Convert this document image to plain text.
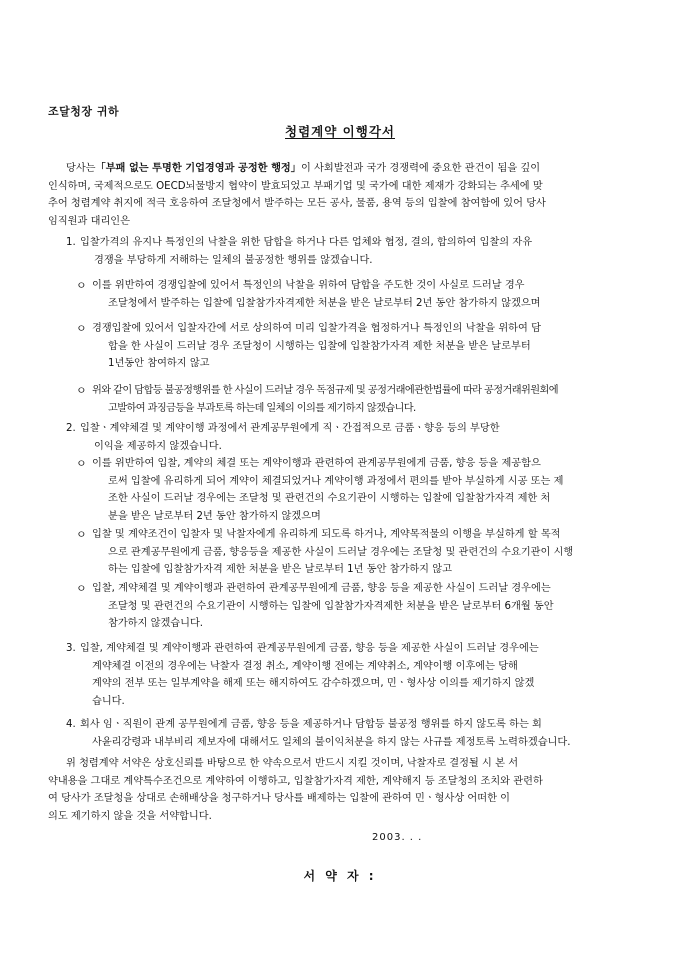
조달청장 귀하
청렴계약 이행각서
당사는「부패 없는 투명한 기업경영과 공정한 행정」이 사회발전과 국가 경쟁력에 중요한 관건이 됨을 깊이
인식하며, 국제적으로도 OECD뇌물방지 협약이 발효되었고 부패기업 및 국가에 대한 제재가 강화되는 추세에 맞
추어 청렴계약 취지에 적극 호응하여 조달청에서 발주하는 모든 공사, 물품, 용역 등의 입찰에 참여함에 있어 당사
임직원과 대리인은
1. 입찰가격의 유지나 특정인의 낙찰을 위한 담합을 하거나 다른 업체와 협정, 결의, 합의하여 입찰의 자유
경쟁을 부당하게 저해하는 일체의 불공정한 행위를 않겠습니다.
ㅇ 이를 위반하여 경쟁입찰에 있어서 특정인의 낙찰을 위하여 담합을 주도한 것이 사실로 드러날 경우
조달청에서 발주하는 입찰에 입찰참가자격제한 처분을 받은 날로부터 2년 동안 참가하지 않겠으며
ㅇ 경쟁입찰에 있어서 입찰자간에 서로 상의하여 미리 입찰가격을 협정하거나 특정인의 낙찰을 위하여 담
합을 한 사실이 드러날 경우 조달청이 시행하는 입찰에 입찰참가자격 제한 처분을 받은 날로부터
1년동안 참여하지 않고
ㅇ 위와 같이 담합등 불공정행위를 한 사실이 드러날 경우 독점규제 및 공정거래에관한법률에 따라 공정거래위원회에
고발하여 과징금등을 부과토록 하는데 일체의 이의를 제기하지 않겠습니다.
2. 입찰ㆍ계약체결 및 계약이행 과정에서 관계공무원에게 직ㆍ간접적으로 금품ㆍ향응 등의 부당한
이익을 제공하지 않겠습니다.
ㅇ 이를 위반하여 입찰, 계약의 체결 또는 계약이행과 관련하여 관계공무원에게 금품, 향응 등을 제공함으
로써 입찰에 유리하게 되어 계약이 체결되었거나 계약이행 과정에서 편의를 받아 부실하게 시공 또는 제
조한 사실이 드러날 경우에는 조달청 및 관련건의 수요기관이 시행하는 입찰에 입찰참가자격 제한 처
분을 받은 날로부터 2년 동안 참가하지 않겠으며
ㅇ 입찰 및 계약조건이 입찰자 및 낙찰자에게 유리하게 되도록 하거나, 계약목적물의 이행을 부실하게 할 목적
으로 관계공무원에게 금품, 향응등을 제공한 사실이 드러날 경우에는 조달청 및 관련건의 수요기관이 시행
하는 입찰에 입찰참가자격 제한 처분을 받은 날로부터 1년 동안 참가하지 않고
ㅇ 입찰, 계약체결 및 계약이행과 관련하여 관계공무원에게 금품, 향응 등을 제공한 사실이 드러날 경우에는
조달청 및 관련건의 수요기관이 시행하는 입찰에 입찰참가자격제한 처분을 받은 날로부터 6개월 동안
참가하지 않겠습니다.
3. 입찰, 계약체결 및 계약이행과 관련하여 관계공무원에게 금품, 향응 등을 제공한 사실이 드러날 경우에는
계약체결 이전의 경우에는 낙찰자 결정 취소, 계약이행 전에는 계약취소, 계약이행 이후에는 당해
계약의 전부 또는 일부계약을 해제 또는 해지하여도 감수하겠으며, 민ㆍ형사상 이의를 제기하지 않겠
습니다.
4. 회사 임ㆍ직원이 관계 공무원에게 금품, 향응 등을 제공하거나 담합등 불공정 행위를 하지 않도록 하는 회
사윤리강령과 내부비리 제보자에 대해서도 일체의 불이익처분을 하지 않는 사규를 제정토록 노력하겠습니다.
위 청렴계약 서약은 상호신뢰를 바탕으로 한 약속으로서 반드시 지킬 것이며, 낙찰자로 결정될 시 본 서
약내용을 그대로 계약특수조건으로 계약하여 이행하고, 입찰참가자격 제한, 계약해지 등 조달청의 조치와 관련하
여 당사가 조달청을 상대로 손해배상을 청구하거나 당사를 배제하는 입찰에 관하여 민ㆍ형사상 어떠한 이
의도 제기하지 않을 것을 서약합니다.
2003. . .
서 약 자 :
